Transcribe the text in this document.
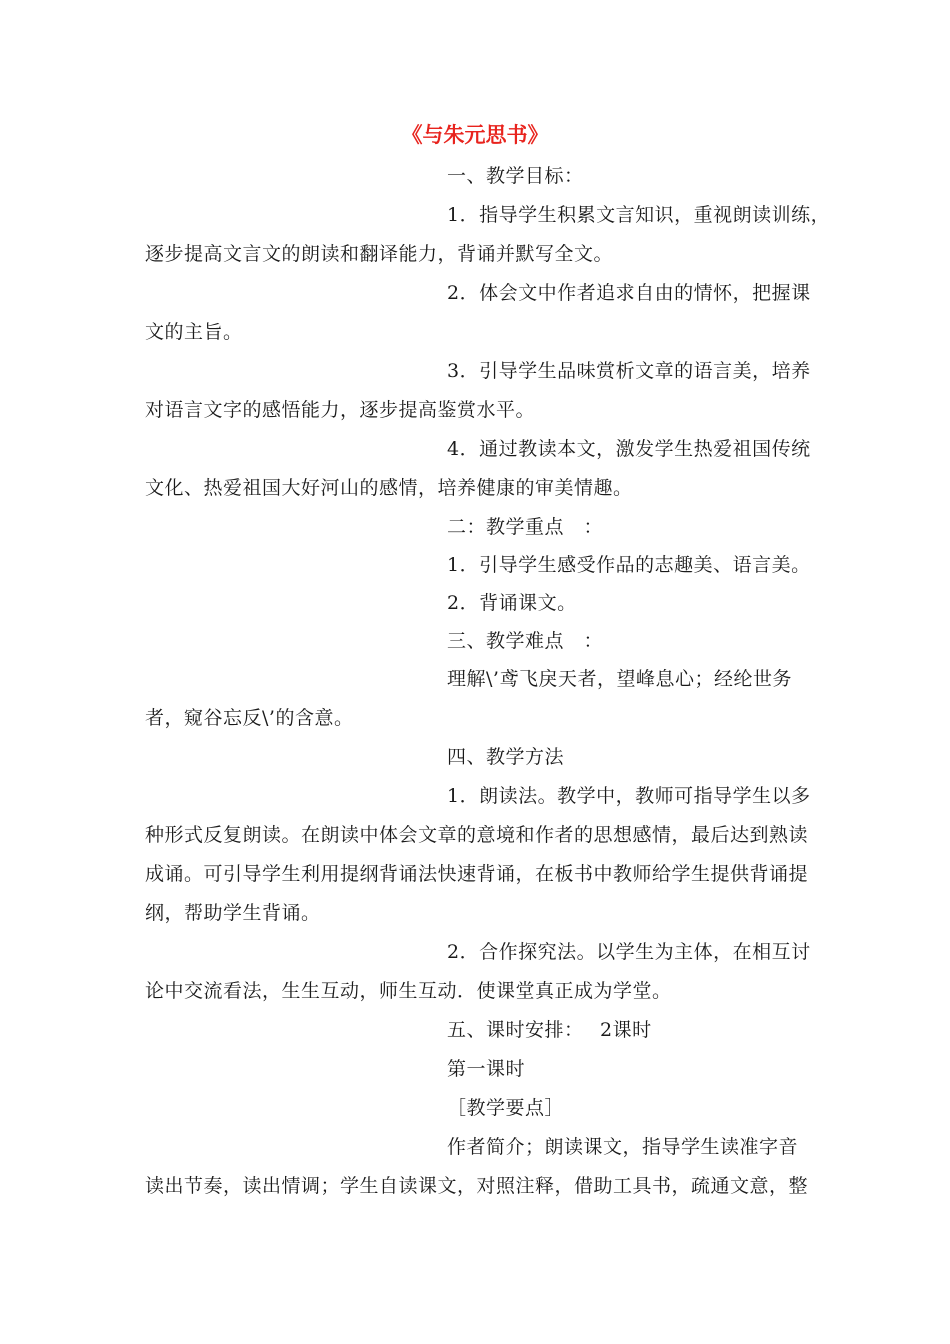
《与朱元思书》
一、教学目标：
1．指导学生积累文言知识，重视朗读训练，
逐步提高文言文的朗读和翻译能力，背诵并默写全文。
2．体会文中作者追求自由的情怀，把握课
文的主旨。
3．引导学生品味赏析文章的语言美，培养
对语言文字的感悟能力，逐步提高鉴赏水平。
4．通过教读本文，激发学生热爱祖国传统
文化、热爱祖国大好河山的感情，培养健康的审美情趣。
二：教学重点　：
1．引导学生感受作品的志趣美、语言美。
2．背诵课文。
三、教学难点　：
理解\’鸢飞戾天者，望峰息心；经纶世务
者，窥谷忘反\’的含意。
四、教学方法
1．朗读法。教学中，教师可指导学生以多
种形式反复朗读。在朗读中体会文章的意境和作者的思想感情，最后达到熟读
成诵。可引导学生利用提纲背诵法快速背诵，在板书中教师给学生提供背诵提
纲，帮助学生背诵。
2．合作探究法。以学生为主体，在相互讨
论中交流看法，生生互动，师生互动．使课堂真正成为学堂。
五、课时安排：　 2课时
第一课时
［教学要点］
作者简介；朗读课文，指导学生读准字音
读出节奏，读出情调；学生自读课文，对照注释，借助工具书，疏通文意，整
